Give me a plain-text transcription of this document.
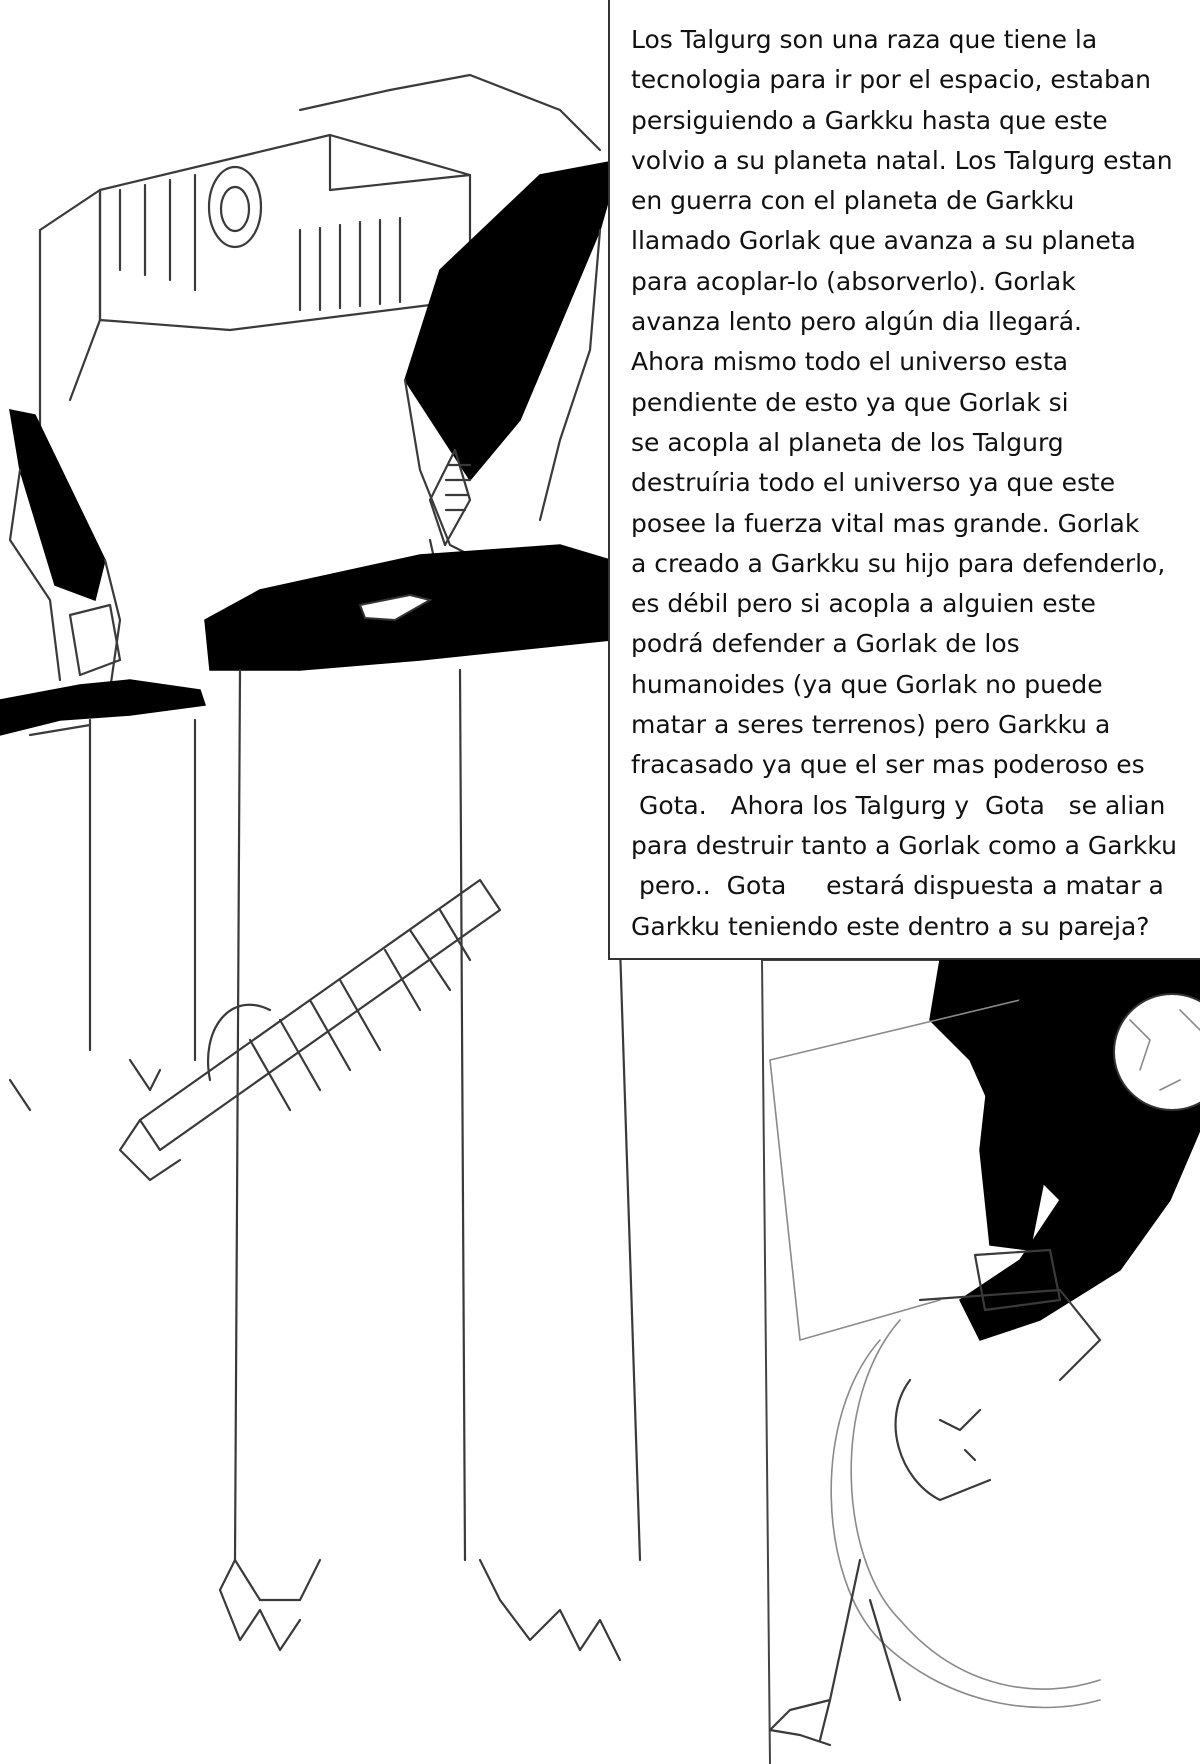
Los Talgurg son una raza que tiene la
tecnologia para ir por el espacio, estaban
persiguiendo a Garkku hasta que este
volvio a su planeta natal. Los Talgurg estan
en guerra con el planeta de Garkku
llamado Gorlak que avanza a su planeta
para acoplar-lo (absorverlo). Gorlak
avanza lento pero algún dia llegará.
Ahora mismo todo el universo esta
pendiente de esto ya que Gorlak si
se acopla al planeta de los Talgurg
destruíria todo el universo ya que este
posee la fuerza vital mas grande. Gorlak
a creado a Garkku su hijo para defenderlo,
es débil pero si acopla a alguien este
podrá defender a Gorlak de los
humanoides (ya que Gorlak no puede
matar a seres terrenos) pero Garkku a
fracasado ya que el ser mas poderoso es
Gota.   Ahora los Talgurg y  Gota   se alian
para destruir tanto a Gorlak como a Garkku
pero..  Gota     estará dispuesta a matar a
Garkku teniendo este dentro a su pareja?
